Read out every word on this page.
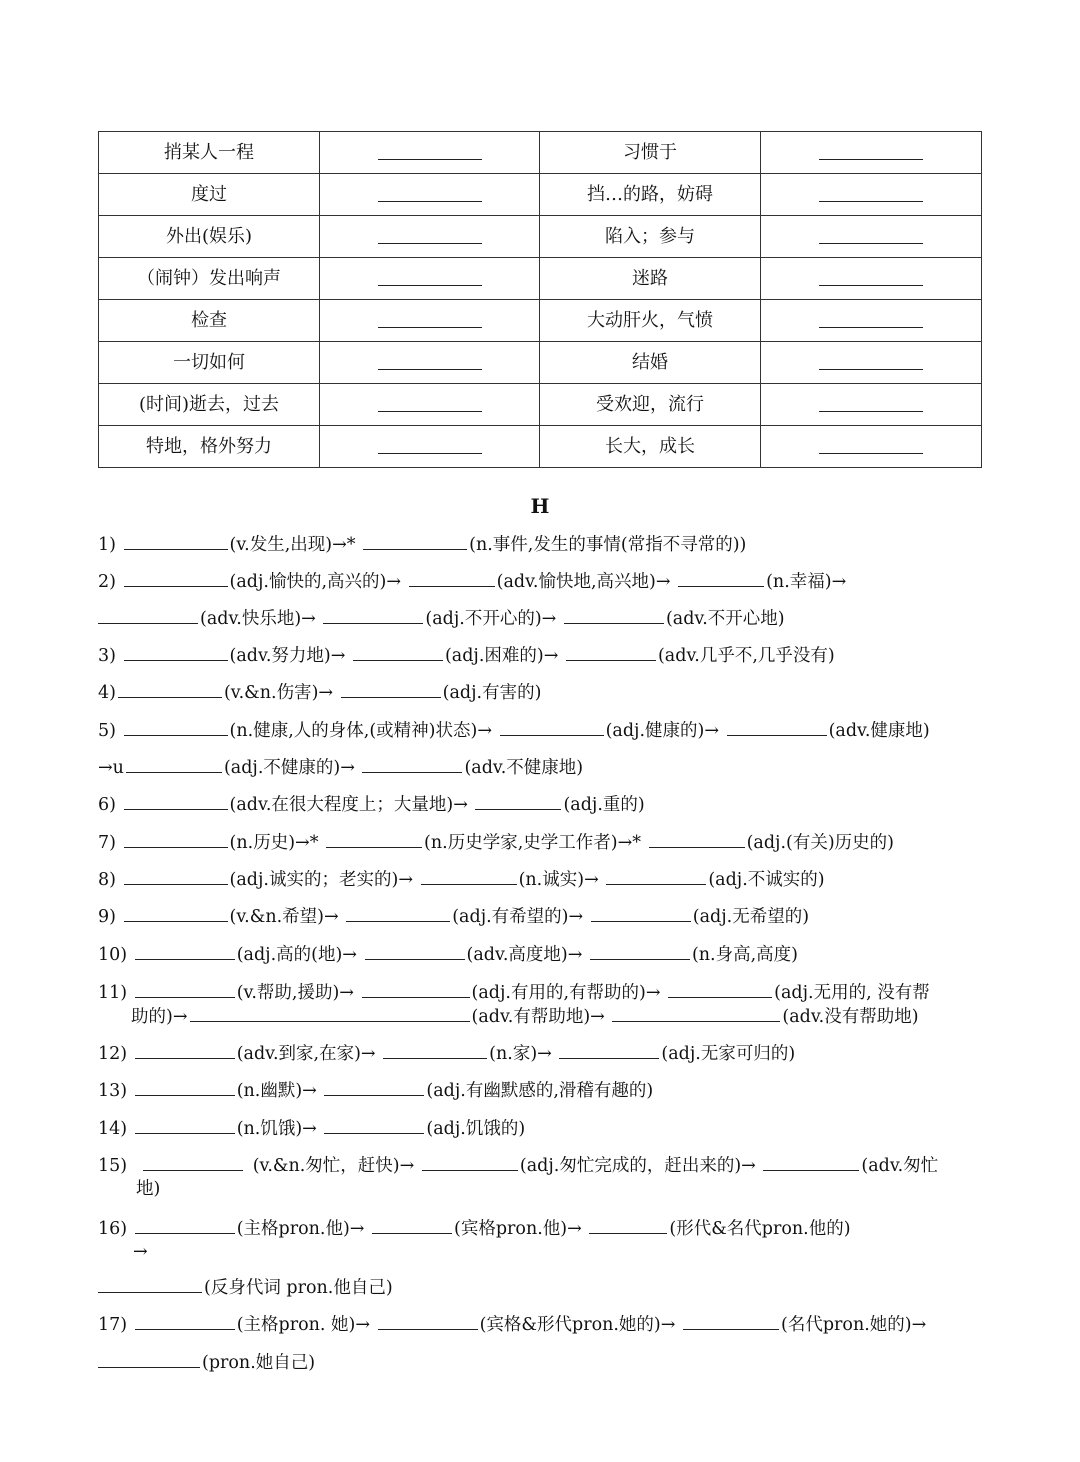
捎某人一程		习惯于	
度过		挡…的路，妨碍	
外出(娱乐)		陷入；参与	
（闹钟）发出响声		迷路	
检查		大动肝火，气愤	
一切如何		结婚	
(时间)逝去，过去		受欢迎，流行	
特地，格外努力		长大，成长	
H
1)	(v.发生,出现)→*	(n.事件,发生的事情(常指不寻常的))
2)	(adj.愉快的,高兴的)→	(adv.愉快地,高兴地)→	(n.幸福)→
(adv.快乐地)→	(adj.不开心的)→	(adv.不开心地)
3)	(adv.努力地)→	(adj.困难的)→	(adv.几乎不,几乎没有)
4)	(v.&n.伤害)→	(adj.有害的)
5)	(n.健康,人的身体,(或精神)状态)→	(adj.健康的)→	(adv.健康地)
→u	(adj.不健康的)→	(adv.不健康地)
6)	(adv.在很大程度上；大量地)→	(adj.重的)
7)	(n.历史)→*	(n.历史学家,史学工作者)→*	(adj.(有关)历史的)
8)	(adj.诚实的；老实的)→	(n.诚实)→	(adj.不诚实的)
9)	(v.&n.希望)→	(adj.有希望的)→	(adj.无希望的)
10)	(adj.高的(地)→	(adv.高度地)→	(n.身高,高度)
11)	(v.帮助,援助)→	(adj.有用的,有帮助的)→	(adj.无用的, 没有帮
助的)→	(adv.有帮助地)→	(adv.没有帮助地)
12)	(adv.到家,在家)→	(n.家)→	(adj.无家可归的)
13)	(n.幽默)→	(adj.有幽默感的,滑稽有趣的)
14)	(n.饥饿)→	(adj.饥饿的)
15)	(v.&n.匆忙，赶快)→	(adj.匆忙完成的，赶出来的)→	(adv.匆忙
地)
16)	(主格pron.他)→	(宾格pron.他)→	(形代&名代pron.他的)
→
(反身代词 pron.他自己)
17)	(主格pron. 她)→	(宾格&形代pron.她的)→	(名代pron.她的)→
(pron.她自己)
